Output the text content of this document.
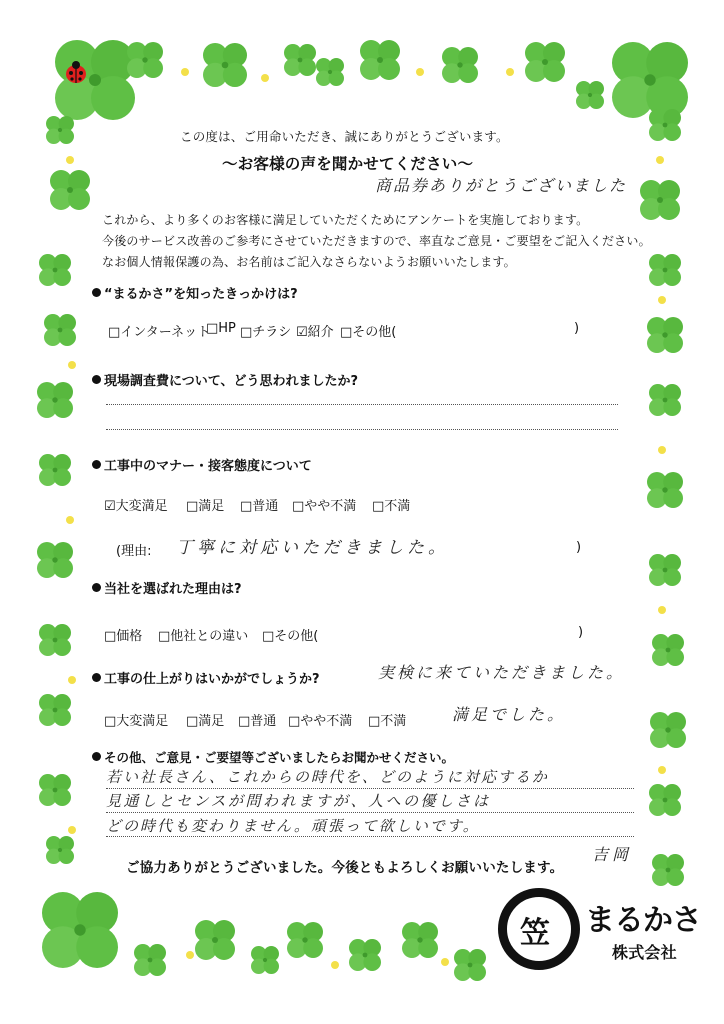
この度は、ご用命いただき、誠にありがとうございます。
～お客様の声を聞かせてください～
商品券ありがとうございました
これから、より多くのお客様に満足していただくためにアンケートを実施しております。
今後のサービス改善のご参考にさせていただきますので、率直なご意見・ご要望をご記入ください。
なお個人情報保護の為、お名前はご記入なさらないようお願いいたします。
“まるかさ”を知ったきっかけは?
□インターネット
□HP □チラシ ☑紹介 □その他(	)
現場調査費について、どう思われましたか?
工事中のマナー・接客態度について
☑大変満足 □満足 □普通 □やや不満 □不満
(理由: 丁寧に対応いただきました。	)
当社を選ばれた理由は?
□価格 □他社との違い □その他(	)
工事の仕上がりはいかがでしょうか?	実検に来ていただきました。
満足でした。
□大変満足 □満足 □普通 □やや不満 □不満
その他、ご意見・ご要望等ございましたらお聞かせください。
若い社長さん、これからの時代を、どのように対応するか
見通しとセンスが問われますが、人への優しさは
どの時代も変わりません。頑張って欲しいです。
吉岡
ご協力ありがとうございました。今後ともよろしくお願いいたします。
笠 まるかさ
株式会社
